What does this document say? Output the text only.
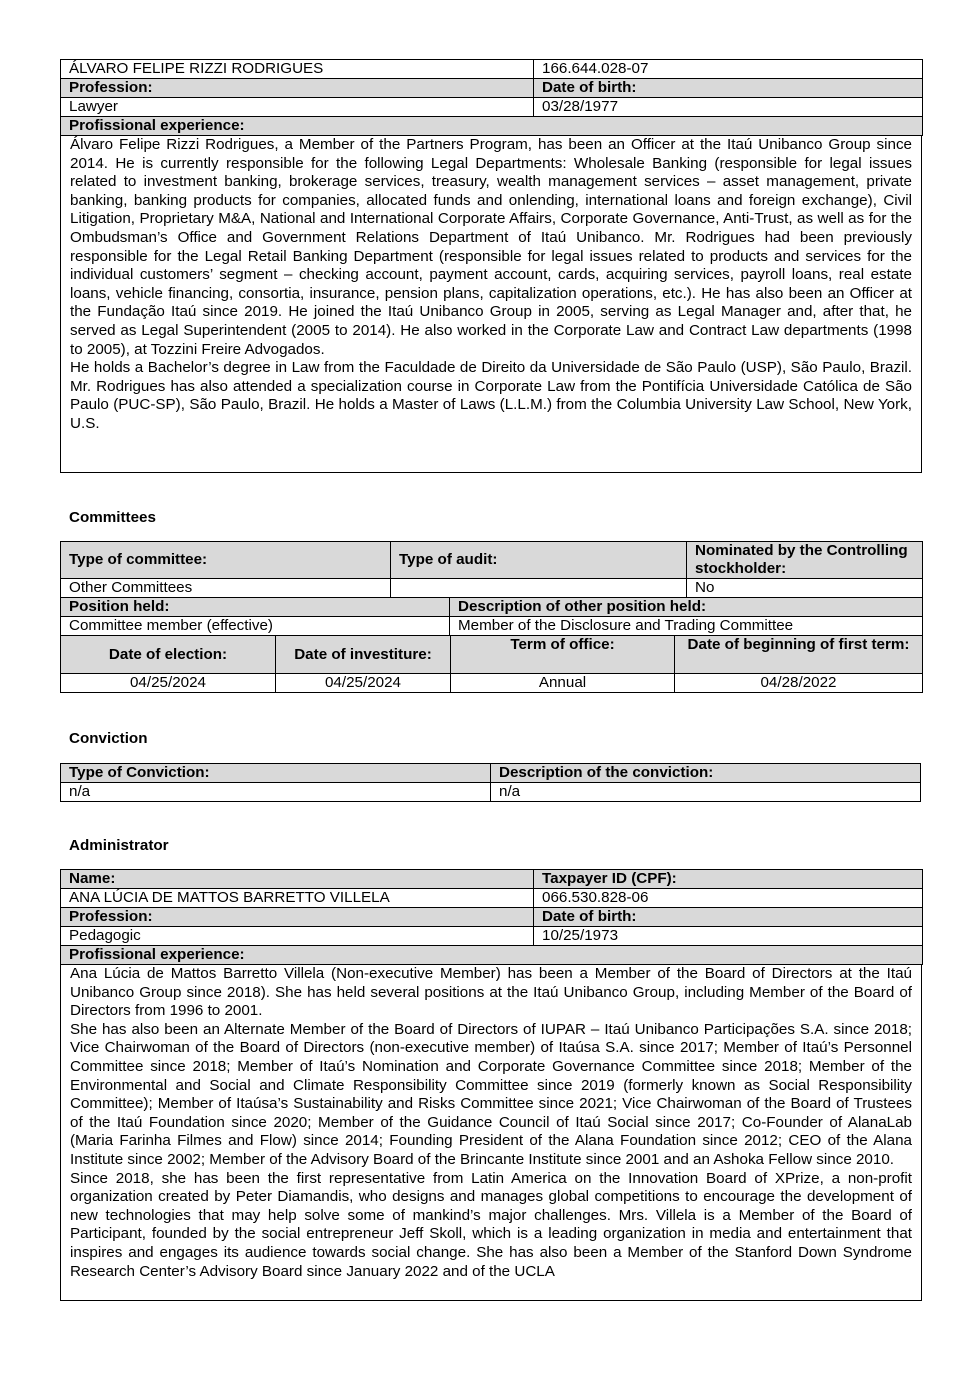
ÁLVARO FELIPE RIZZI RODRIGUES	166.644.028-07
Profession:	Date of birth:
Lawyer	03/28/1977
Profissional experience:	

Álvaro Felipe Rizzi Rodrigues, a Member of the Partners Program, has been an Officer at the Itaú Unibanco Group since 2014. He is currently responsible for the following Legal Departments: Wholesale Banking (responsible for legal issues related to investment banking, brokerage services, treasury, wealth management services – asset management, private banking, banking products for companies, allocated funds and onlending, international loans and foreign exchange), Civil Litigation, Proprietary M&A, National and International Corporate Affairs, Corporate Governance, Anti-Trust, as well as for the Ombudsman’s Office and Government Relations Department of Itaú Unibanco. Mr. Rodrigues had been previously responsible for the Legal Retail Banking Department (responsible for legal issues related to products and services for the individual customers’ segment – checking account, payment account, cards, acquiring services, payroll loans, real estate loans, vehicle financing, consortia, insurance, pension plans, capitalization operations, etc.). He has also been an Officer at the Fundação Itaú since 2019. He joined the Itaú Unibanco Group in 2005, serving as Legal Manager and, after that, he served as Legal Superintendent (2005 to 2014). He also worked in the Corporate Law and Contract Law departments (1998 to 2005), at Tozzini Freire Advogados.

He holds a Bachelor’s degree in Law from the Faculdade de Direito da Universidade de São Paulo (USP), São Paulo, Brazil. Mr. Rodrigues has also attended a specialization course in Corporate Law from the Pontifícia Universidade Católica de São Paulo (PUC-SP), São Paulo, Brazil. He holds a Master of Laws (L.L.M.) from the Columbia University Law School, New York, U.S.

Committees
Type of committee:	Type of audit:	Nominated by the Controlling stockholder:
Other Committees		No
Position held:	Description of other position held:
Committee member (effective)	Member of the Disclosure and Trading Committee
Date of election:	Date of investiture:	Term of office:	Date of beginning of first term:
04/25/2024	04/25/2024	Annual	04/28/2022
Conviction
Type of Conviction:	Description of the conviction:
n/a	n/a
Administrator
Name:	Taxpayer ID (CPF):
ANA LÚCIA DE MATTOS BARRETTO VILLELA	066.530.828-06
Profession:	Date of birth:
Pedagogic	10/25/1973
Profissional experience:	

Ana Lúcia de Mattos Barretto Villela (Non-executive Member) has been a Member of the Board of Directors at the Itaú Unibanco Group since 2018). She has held several positions at the Itaú Unibanco Group, including Member of the Board of Directors from 1996 to 2001.

She has also been an Alternate Member of the Board of Directors of IUPAR – Itaú Unibanco Participações S.A. since 2018; Vice Chairwoman of the Board of Directors (non-executive member) of Itaúsa S.A. since 2017; Member of Itaú’s Personnel Committee since 2018; Member of Itaú’s Nomination and Corporate Governance Committee since 2018; Member of the Environmental and Social and Climate Responsibility Committee since 2019 (formerly known as Social Responsibility Committee); Member of Itaúsa’s Sustainability and Risks Committee since 2021; Vice Chairwoman of the Board of Trustees of the Itaú Foundation since 2020; Member of the Guidance Council of Itaú Social since 2017; Co-Founder of AlanaLab (Maria Farinha Filmes and Flow) since 2014; Founding President of the Alana Foundation since 2012; CEO of the Alana Institute since 2002; Member of the Advisory Board of the Brincante Institute since 2001 and an Ashoka Fellow since 2010.

Since 2018, she has been the first representative from Latin America on the Innovation Board of XPrize, a non-profit organization created by Peter Diamandis, who designs and manages global competitions to encourage the development of new technologies that may help solve some of mankind’s major challenges. Mrs. Villela is a Member of the Board of Participant, founded by the social entrepreneur Jeff Skoll, which is a leading organization in media and entertainment that inspires and engages its audience towards social change. She has also been a Member of the Stanford Down Syndrome Research Center’s Advisory Board since January 2022 and of the UCLA
